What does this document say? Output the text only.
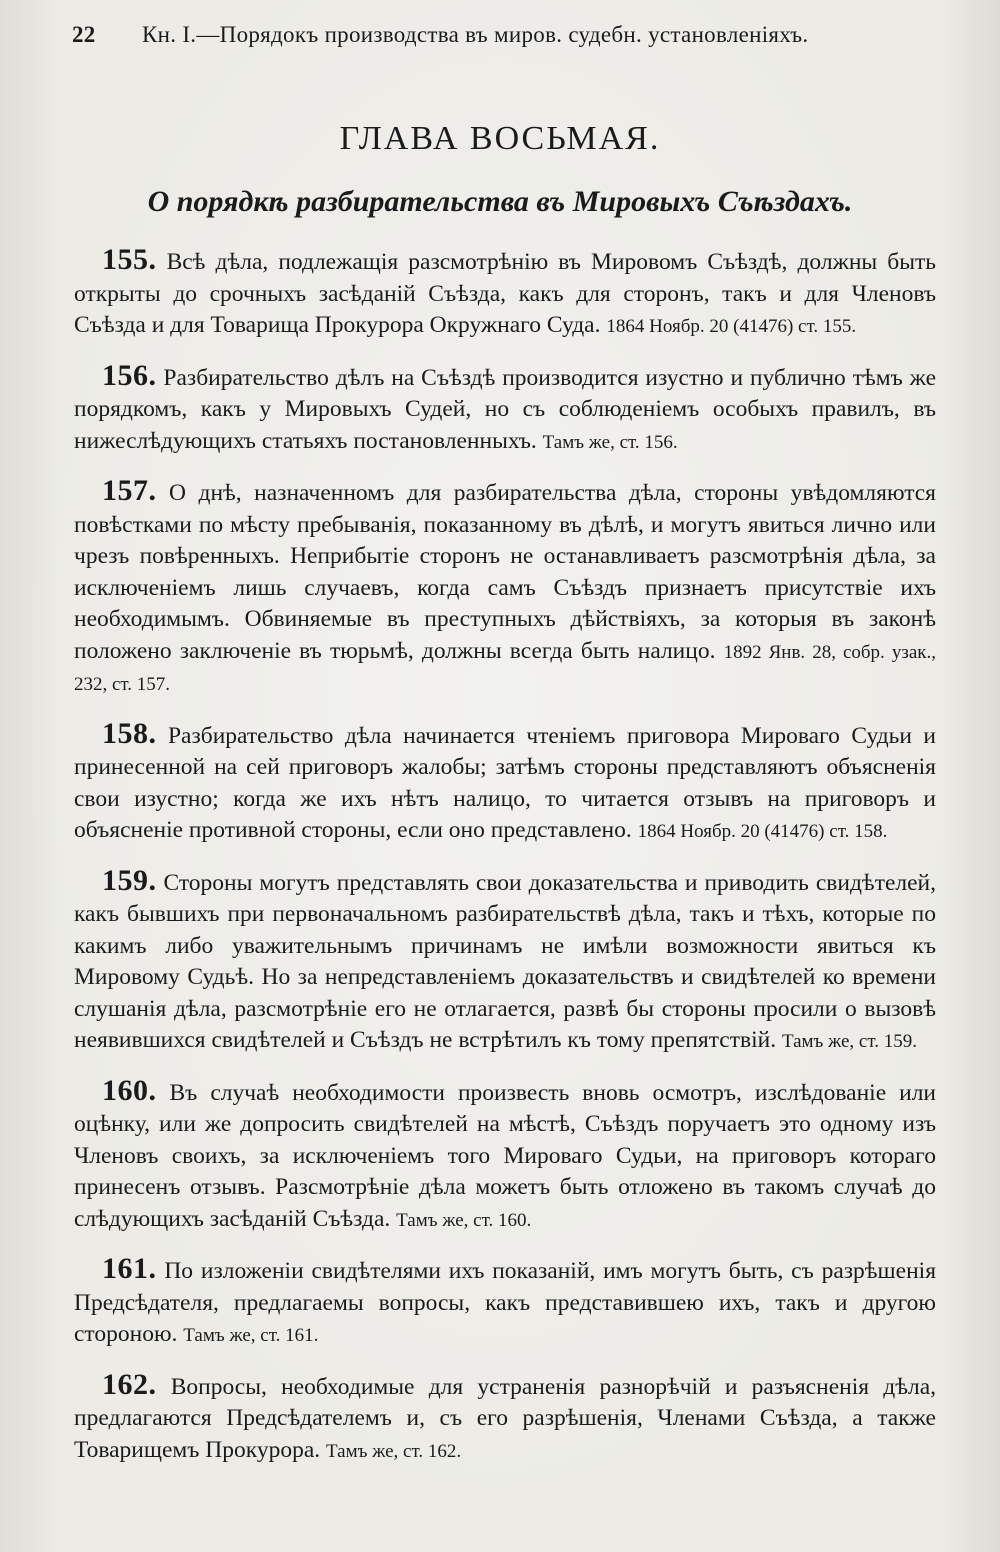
22	Кн. I.—Порядокъ производства въ миров. судебн. установленіяхъ.
ГЛАВА ВОСЬМАЯ.
О порядкѣ разбирательства въ Мировыхъ Съѣздахъ.

155. Всѣ дѣла, подлежащія разсмотрѣнію въ Мировомъ Съѣздѣ, должны быть открыты до срочныхъ засѣданій Съѣзда, какъ для сторонъ, такъ и для Членовъ Съѣзда и для Товарища Прокурора Окружнаго Суда. 1864 Ноябр. 20 (41476) ст. 155.

156. Разбирательство дѣлъ на Съѣздѣ производится изустно и публично тѣмъ же порядкомъ, какъ у Мировыхъ Судей, но съ соблюденіемъ особыхъ правилъ, въ нижеслѣдующихъ статьяхъ постановленныхъ. Тамъ же, ст. 156.

157. О днѣ, назначенномъ для разбирательства дѣла, стороны увѣдомляются повѣстками по мѣсту пребыванія, показанному въ дѣлѣ, и могутъ явиться лично или чрезъ повѣренныхъ. Неприбытіе сторонъ не останавливаетъ разсмотрѣнія дѣла, за исключеніемъ лишь случаевъ, когда самъ Съѣздъ признаетъ присутствіе ихъ необходимымъ. Обвиняемые въ преступныхъ дѣйствіяхъ, за которыя въ законѣ положено заключеніе въ тюрьмѣ, должны всегда быть налицо. 1892 Янв. 28, собр. узак., 232, ст. 157.

158. Разбирательство дѣла начинается чтеніемъ приговора Мироваго Судьи и принесенной на сей приговоръ жалобы; затѣмъ стороны представляютъ объясненія свои изустно; когда же ихъ нѣтъ налицо, то читается отзывъ на приговоръ и объясненіе противной стороны, если оно представлено. 1864 Ноябр. 20 (41476) ст. 158.

159. Стороны могутъ представлять свои доказательства и приводить свидѣтелей, какъ бывшихъ при первоначальномъ разбирательствѣ дѣла, такъ и тѣхъ, которые по какимъ либо уважительнымъ причинамъ не имѣли возможности явиться къ Мировому Судьѣ. Но за непредставленіемъ доказательствъ и свидѣтелей ко времени слушанія дѣла, разсмотрѣніе его не отлагается, развѣ бы стороны просили о вызовѣ неявившихся свидѣтелей и Съѣздъ не встрѣтилъ къ тому препятствій. Тамъ же, ст. 159.

160. Въ случаѣ необходимости произвесть вновь осмотръ, изслѣдованіе или оцѣнку, или же допросить свидѣтелей на мѣстѣ, Съѣздъ поручаетъ это одному изъ Членовъ своихъ, за исключеніемъ того Мироваго Судьи, на приговоръ котораго принесенъ отзывъ. Разсмотрѣніе дѣла можетъ быть отложено въ такомъ случаѣ до слѣдующихъ засѣданій Съѣзда. Тамъ же, ст. 160.

161. По изложеніи свидѣтелями ихъ показаній, имъ могутъ быть, съ разрѣшенія Предсѣдателя, предлагаемы вопросы, какъ представившею ихъ, такъ и другою стороною. Тамъ же, ст. 161.

162. Вопросы, необходимые для устраненія разнорѣчій и разъясненія дѣла, предлагаются Предсѣдателемъ и, съ его разрѣшенія, Членами Съѣзда, а также Товарищемъ Прокурора. Тамъ же, ст. 162.
